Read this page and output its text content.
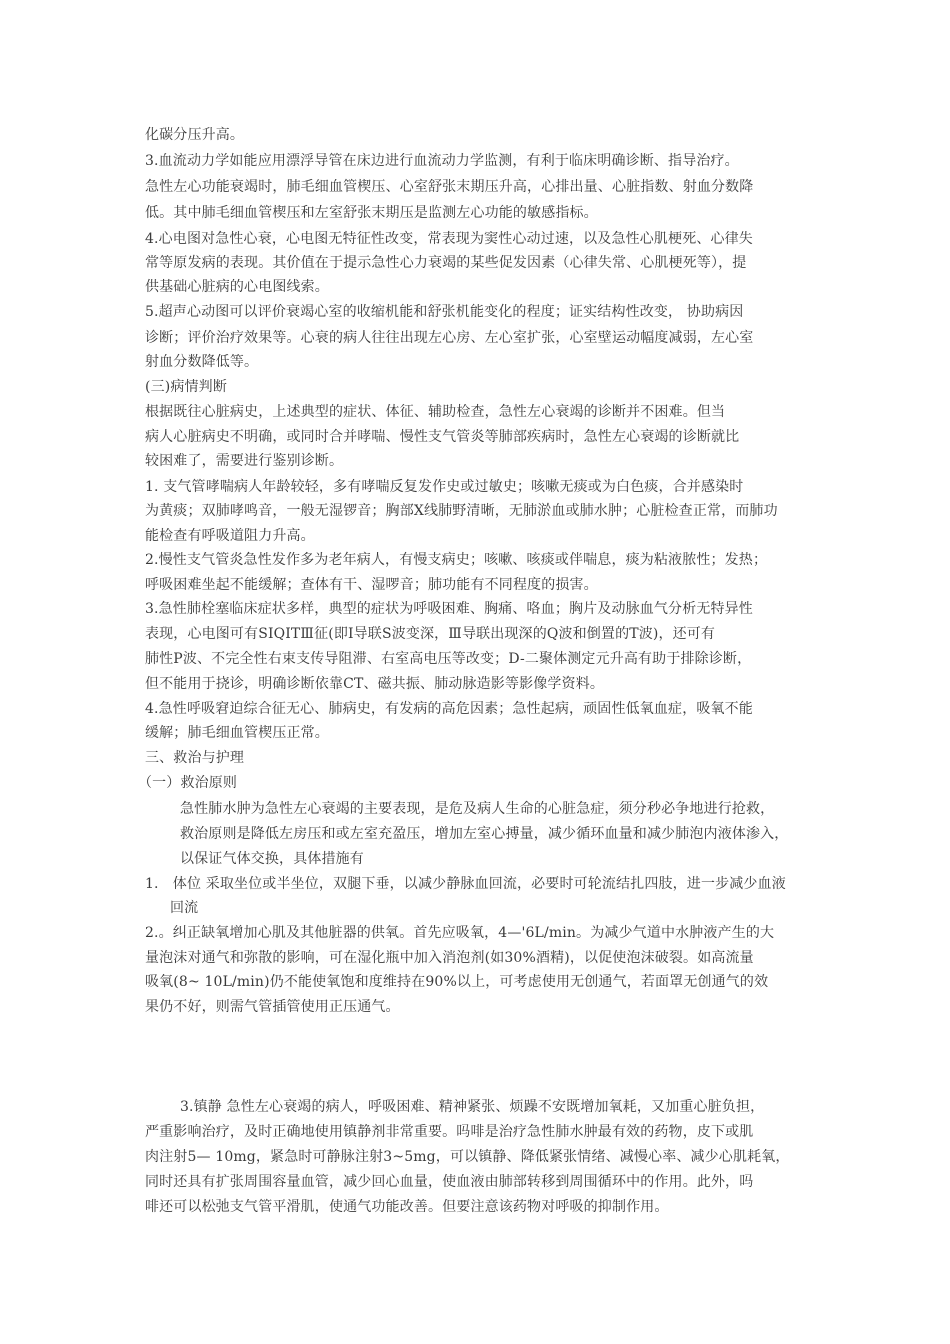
化碳分压升高。
3.血流动力学如能应用漂浮导管在床边进行血流动力学监测，有利于临床明确诊断、指导治疗。
急性左心功能衰竭时，肺毛细血管楔压、心室舒张末期压升高，心排出量、心脏指数、射血分数降
低。其中肺毛细血管楔压和左室舒张末期压是监测左心功能的敏感指标。
4.心电图对急性心衰，心电图无特征性改变，常表现为窦性心动过速，以及急性心肌梗死、心律失
常等原发病的表现。其价值在于提示急性心力衰竭的某些促发因素（心律失常、心肌梗死等），提
供基础心脏病的心电图线索。
5.超声心动图可以评价衰竭心室的收缩机能和舒张机能变化的程度；证实结构性改变， 协助病因
诊断；评价治疗效果等。心衰的病人往往出现左心房、左心室扩张，心室壁运动幅度减弱，左心室
射血分数降低等。
(三)病情判断
根据既往心脏病史，上述典型的症状、体征、辅助检查，急性左心衰竭的诊断并不困难。但当
病人心脏病史不明确，或同时合并哮喘、慢性支气管炎等肺部疾病时，急性左心衰竭的诊断就比
较困难了，需要进行鉴别诊断。
1. 支气管哮喘病人年龄较轻，多有哮喘反复发作史或过敏史；咳嗽无痰或为白色痰，合并感染时
为黄痰；双肺哮鸣音，一般无湿锣音；胸部X线肺野清晰，无肺淤血或肺水肿；心脏检查正常，而肺功
能检查有呼吸道阻力升高。
2.慢性支气管炎急性发作多为老年病人，有慢支病史；咳嗽、咳痰或伴喘息，痰为粘液脓性；发热；
呼吸困难坐起不能缓解；查体有干、湿啰音；肺功能有不同程度的损害。
3.急性肺栓塞临床症状多样，典型的症状为呼吸困难、胸痛、咯血；胸片及动脉血气分析无特异性
表现，心电图可有SⅠQⅠTⅢ征(即Ⅰ导联S波变深，Ⅲ导联出现深的Q波和倒置的T波)，还可有
肺性P波、不完全性右束支传导阻滞、右室高电压等改变；D-二聚体测定元升高有助于排除诊断，
但不能用于挠诊，明确诊断依靠CT、磁共振、肺动脉造影等影像学资料。
4.急性呼吸窘迫综合征无心、肺病史，有发病的高危因素；急性起病，顽固性低氧血症，吸氧不能
缓解；肺毛细血管楔压正常。
三、救治与护理
（一）救治原则
急性肺水肿为急性左心衰竭的主要表现，是危及病人生命的心脏急症，须分秒必争地进行抢救，
救治原则是降低左房压和或左室充盈压，增加左室心搏量，减少循环血量和减少肺泡内液体渗入，
以保证气体交换，具体措施有
1.　体位 采取坐位或半坐位，双腿下垂，以减少静脉血回流，必要时可轮流结扎四肢，进一步减少血液
回流
2.。纠正缺氧增加心肌及其他脏器的供氧。首先应吸氧，4—'6L/min。为减少气道中水肿液产生的大
量泡沫对通气和弥散的影响，可在湿化瓶中加入消泡剂(如30%酒精)，以促使泡沫破裂。如高流量
吸氧(8~ 10L/min)仍不能使氧饱和度维持在90%以上，可考虑使用无创通气，若面罩无创通气的效
果仍不好，则需气管插管使用正压通气。
3.镇静 急性左心衰竭的病人，呼吸困难、精神紧张、烦躁不安既增加氧耗，又加重心脏负担，
严重影响治疗，及时正确地使用镇静剂非常重要。吗啡是治疗急性肺水肿最有效的药物，皮下或肌
肉注射5— 10mg，紧急时可静脉注射3~5mg，可以镇静、降低紧张情绪、减慢心率、减少心肌耗氧，
同时还具有扩张周围容量血管，减少回心血量，使血液由肺部转移到周围循环中的作用。此外，吗
啡还可以松弛支气管平滑肌，使通气功能改善。但要注意该药物对呼吸的抑制作用。
